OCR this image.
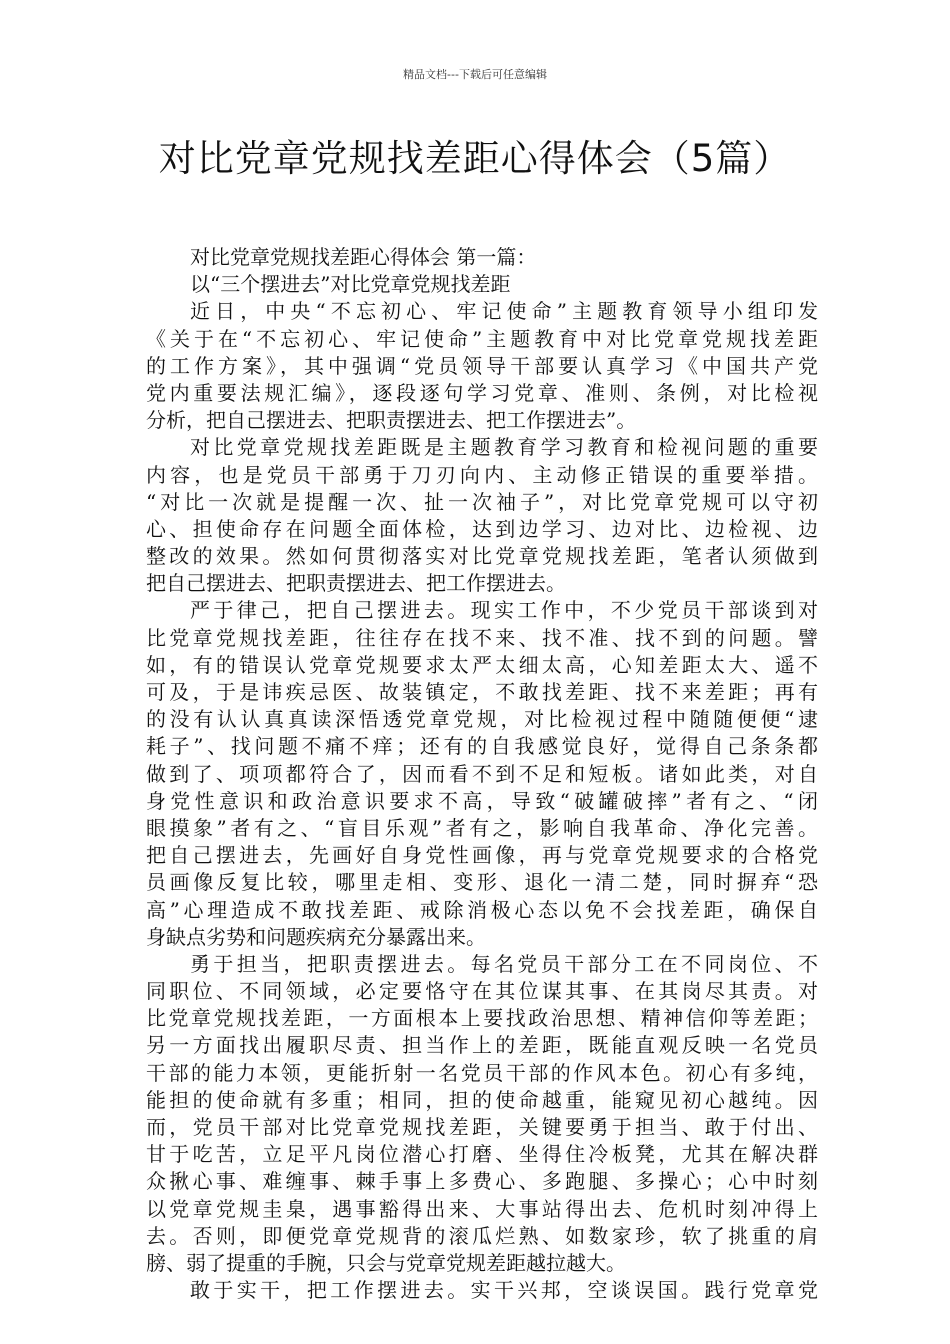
精品文档---下载后可任意编辑
对比党章党规找差距心得体会（5篇）
对比党章党规找差距心得体会 第一篇：
以“三个摆进去”对比党章党规找差距
近日，中央“不忘初心、牢记使命”主题教育领导小组印发
《关于在“不忘初心、牢记使命”主题教育中对比党章党规找差距
的工作方案》，其中强调“党员领导干部要认真学习《中国共产党
党内重要法规汇编》，逐段逐句学习党章、准则、条例，对比检视
分析，把自己摆进去、把职责摆进去、把工作摆进去”。
对比党章党规找差距既是主题教育学习教育和检视问题的重要
内容，也是党员干部勇于刀刃向内、主动修正错误的重要举措。
“对比一次就是提醒一次、扯一次袖子”，对比党章党规可以守初
心、担使命存在问题全面体检，达到边学习、边对比、边检视、边
整改的效果。然如何贯彻落实对比党章党规找差距，笔者认须做到
把自己摆进去、把职责摆进去、把工作摆进去。
严于律己，把自己摆进去。现实工作中，不少党员干部谈到对
比党章党规找差距，往往存在找不来、找不准、找不到的问题。譬
如，有的错误认党章党规要求太严太细太高，心知差距太大、遥不
可及，于是讳疾忌医、故装镇定，不敢找差距、找不来差距；再有
的没有认认真真读深悟透党章党规，对比检视过程中随随便便“逮
耗子”、找问题不痛不痒；还有的自我感觉良好，觉得自己条条都
做到了、项项都符合了，因而看不到不足和短板。诸如此类，对自
身党性意识和政治意识要求不高，导致“破罐破摔”者有之、“闭
眼摸象”者有之、“盲目乐观”者有之，影响自我革命、净化完善。
把自己摆进去，先画好自身党性画像，再与党章党规要求的合格党
员画像反复比较，哪里走相、变形、退化一清二楚，同时摒弃“恐
高”心理造成不敢找差距、戒除消极心态以免不会找差距，确保自
身缺点劣势和问题疾病充分暴露出来。
勇于担当，把职责摆进去。每名党员干部分工在不同岗位、不
同职位、不同领域，必定要恪守在其位谋其事、在其岗尽其责。对
比党章党规找差距，一方面根本上要找政治思想、精神信仰等差距；
另一方面找出履职尽责、担当作上的差距，既能直观反映一名党员
干部的能力本领，更能折射一名党员干部的作风本色。初心有多纯，
能担的使命就有多重；相同，担的使命越重，能窥见初心越纯。因
而，党员干部对比党章党规找差距，关键要勇于担当、敢于付出、
甘于吃苦，立足平凡岗位潜心打磨、坐得住冷板凳，尤其在解决群
众揪心事、难缠事、棘手事上多费心、多跑腿、多操心；心中时刻
以党章党规圭臬，遇事豁得出来、大事站得出去、危机时刻冲得上
去。否则，即便党章党规背的滚瓜烂熟、如数家珍，软了挑重的肩
膀、弱了提重的手腕，只会与党章党规差距越拉越大。
敢于实干，把工作摆进去。实干兴邦，空谈误国。践行党章党
